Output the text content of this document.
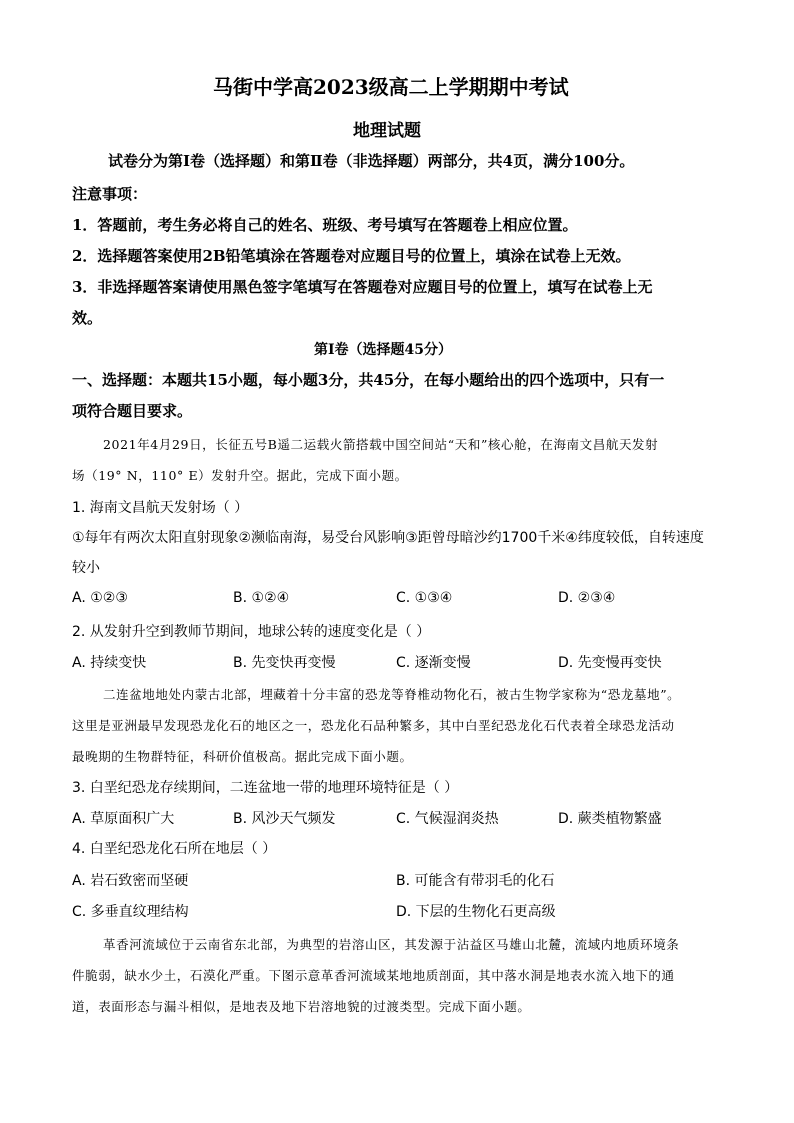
马街中学高2023级高二上学期期中考试
地理试题
试卷分为第Ⅰ卷（选择题）和第Ⅱ卷（非选择题）两部分，共4页，满分100分。
注意事项：
1．答题前，考生务必将自己的姓名、班级、考号填写在答题卷上相应位置。
2．选择题答案使用2B铅笔填涂在答题卷对应题目号的位置上，填涂在试卷上无效。
3．非选择题答案请使用黑色签字笔填写在答题卷对应题目号的位置上，填写在试卷上无
效。
第Ⅰ卷（选择题45分）
一、选择题：本题共15小题，每小题3分，共45分，在每小题给出的四个选项中，只有一
项符合题目要求。
2021年4月29日，长征五号B遥二运载火箭搭载中国空间站“天和”核心舱，在海南文昌航天发射
场（19° N，110° E）发射升空。据此，完成下面小题。
1. 海南文昌航天发射场（ ）
①每年有两次太阳直射现象②濒临南海，易受台风影响③距曾母暗沙约1700千米④纬度较低，自转速度
较小
A. ①②③	B. ①②④	C. ①③④	D. ②③④
2. 从发射升空到教师节期间，地球公转的速度变化是（ ）
A. 持续变快	B. 先变快再变慢	C. 逐渐变慢	D. 先变慢再变快
二连盆地地处内蒙古北部，埋藏着十分丰富的恐龙等脊椎动物化石，被古生物学家称为“恐龙墓地”。
这里是亚洲最早发现恐龙化石的地区之一，恐龙化石品种繁多，其中白垩纪恐龙化石代表着全球恐龙活动
最晚期的生物群特征，科研价值极高。据此完成下面小题。
3. 白垩纪恐龙存续期间，二连盆地一带的地理环境特征是（ ）
A. 草原面积广大	B. 风沙天气频发	C. 气候湿润炎热	D. 蕨类植物繁盛
4. 白垩纪恐龙化石所在地层（ ）
A. 岩石致密而坚硬	B. 可能含有带羽毛的化石
C. 多垂直纹理结构	D. 下层的生物化石更高级
革香河流域位于云南省东北部，为典型的岩溶山区，其发源于沾益区马雄山北麓，流域内地质环境条
件脆弱，缺水少土，石漠化严重。下图示意革香河流域某地地质剖面，其中落水洞是地表水流入地下的通
道，表面形态与漏斗相似，是地表及地下岩溶地貌的过渡类型。完成下面小题。
